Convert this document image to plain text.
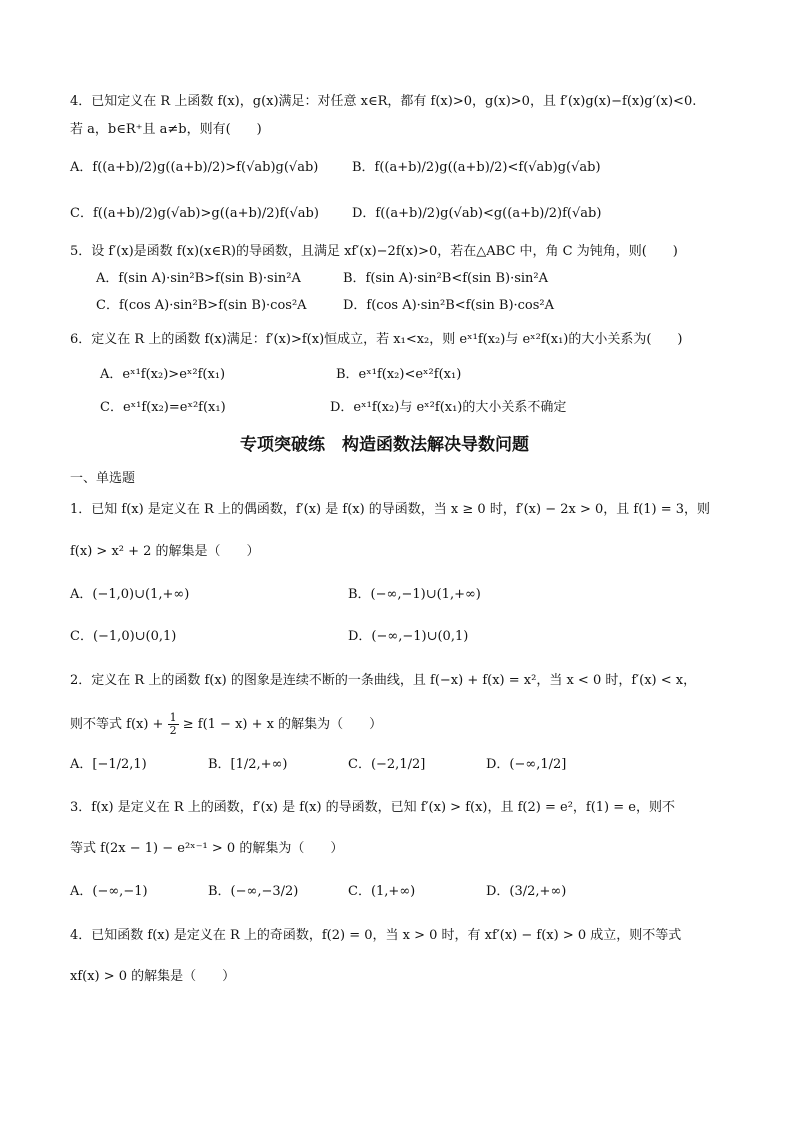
4．已知定义在 R 上函数 f(x)，g(x)满足：对任意 x∈R，都有 f(x)>0，g(x)>0，且 f′(x)g(x)−f(x)g′(x)<0.
若 a，b∈R⁺且 a≠b，则有(　　)
A．f((a+b)/2)g((a+b)/2)>f(√ab)g(√ab)	B．f((a+b)/2)g((a+b)/2)<f(√ab)g(√ab)
C．f((a+b)/2)g(√ab)>g((a+b)/2)f(√ab)	D．f((a+b)/2)g(√ab)<g((a+b)/2)f(√ab)
5．设 f′(x)是函数 f(x)(x∈R)的导函数，且满足 xf′(x)−2f(x)>0，若在△ABC 中，角 C 为钝角，则(　　)
A．f(sin A)·sin²B>f(sin B)·sin²A	B．f(sin A)·sin²B<f(sin B)·sin²A
C．f(cos A)·sin²B>f(sin B)·cos²A	D．f(cos A)·sin²B<f(sin B)·cos²A
6．定义在 R 上的函数 f(x)满足：f′(x)>f(x)恒成立，若 x₁<x₂，则 eˣ¹f(x₂)与 eˣ²f(x₁)的大小关系为(　　)
A．eˣ¹f(x₂)>eˣ²f(x₁)	B．eˣ¹f(x₂)<eˣ²f(x₁)
C．eˣ¹f(x₂)=eˣ²f(x₁)	D．eˣ¹f(x₂)与 eˣ²f(x₁)的大小关系不确定
专项突破练　构造函数法解决导数问题
一、单选题
1．已知 f(x) 是定义在 R 上的偶函数，f′(x) 是 f(x) 的导函数，当 x ≥ 0 时，f′(x) − 2x > 0，且 f(1) = 3，则
f(x) > x² + 2 的解集是（　　）
A．(−1,0)∪(1,+∞)	B．(−∞,−1)∪(1,+∞)
C．(−1,0)∪(0,1)	D．(−∞,−1)∪(0,1)
2．定义在 R 上的函数 f(x) 的图象是连续不断的一条曲线，且 f(−x) + f(x) = x²，当 x < 0 时，f′(x) < x，
则不等式 $f(x) + \frac{1}{2} \ge f(1 - x) + x$ 的解集为（　　）
A．[−1/2,1)	B．[1/2,+∞)	C．(−2,1/2]	D．(−∞,1/2]
3．f(x) 是定义在 R 上的函数，f′(x) 是 f(x) 的导函数，已知 f′(x) > f(x)，且 f(2) = e²，f(1) = e，则不
等式 f(2x − 1) − e²ˣ⁻¹ > 0 的解集为（　　）
A．(−∞,−1)	B．(−∞,−3/2)	C．(1,+∞)	D．(3/2,+∞)
4．已知函数 f(x) 是定义在 R 上的奇函数，f(2) = 0，当 x > 0 时，有 xf′(x) − f(x) > 0 成立，则不等式
xf(x) > 0 的解集是（　　）
